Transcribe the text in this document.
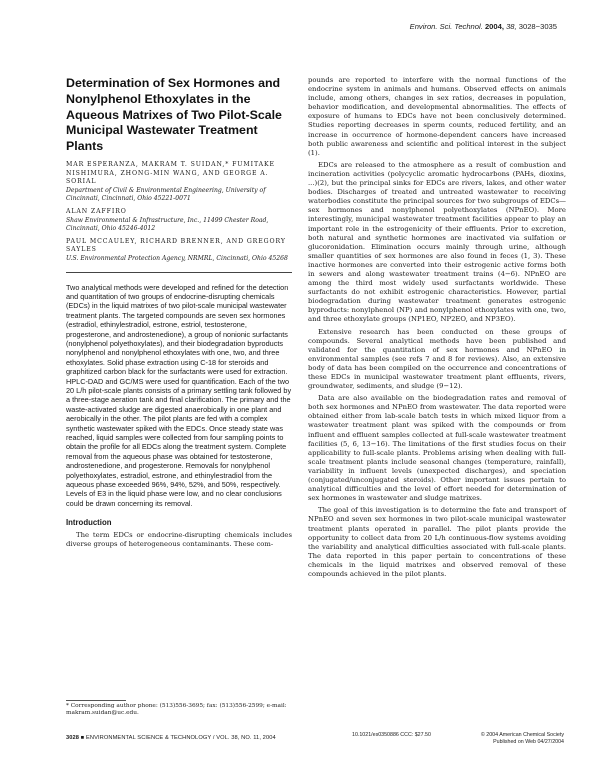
Environ. Sci. Technol. 2004, 38, 3028−3035
Determination of Sex Hormones and Nonylphenol Ethoxylates in the Aqueous Matrixes of Two Pilot-Scale Municipal Wastewater Treatment Plants

MAR ESPERANZA, MAKRAM T. SUIDAN,* FUMITAKE NISHIMURA, ZHONG-MIN WANG, AND GEORGE A. SORIAL

Department of Civil & Environmental Engineering, University of Cincinnati, Cincinnati, Ohio 45221-0071

ALAN ZAFFIRO

Shaw Environmental & Infrastructure, Inc., 11499 Chester Road, Cincinnati, Ohio 45246-4012

PAUL MCCAULEY, RICHARD BRENNER, AND GREGORY SAYLES

U.S. Environmental Protection Agency, NRMRL, Cincinnati, Ohio 45268

Two analytical methods were developed and refined for the detection and quantitation of two groups of endocrine-disrupting chemicals (EDCs) in the liquid matrixes of two pilot-scale municipal wastewater treatment plants. The targeted compounds are seven sex hormones (estradiol, ethinylestradiol, estrone, estriol, testosterone, progesterone, and androstenedione), a group of nonionic surfactants (nonylphenol polyethoxylates), and their biodegradation byproducts nonylphenol and nonylphenol ethoxylates with one, two, and three ethoxylates. Solid phase extraction using C-18 for steroids and graphitized carbon black for the surfactants were used for extraction. HPLC-DAD and GC/MS were used for quantification. Each of the two 20 L/h pilot-scale plants consists of a primary settling tank followed by a three-stage aeration tank and final clarification. The primary and the waste-activated sludge are digested anaerobically in one plant and aerobically in the other. The pilot plants are fed with a complex synthetic wastewater spiked with the EDCs. Once steady state was reached, liquid samples were collected from four sampling points to obtain the profile for all EDCs along the treatment system. Complete removal from the aqueous phase was obtained for testosterone, androstenedione, and progesterone. Removals for nonylphenol polyethoxylates, estradiol, estrone, and ethinylestradiol from the aqueous phase exceeded 96%, 94%, 52%, and 50%, respectively. Levels of E3 in the liquid phase were low, and no clear conclusions could be drawn concerning its removal.

Introduction

The term EDCs or endocrine-disrupting chemicals includes diverse groups of heterogeneous contaminants. These com-

pounds are reported to interfere with the normal functions of the endocrine system in animals and humans. Observed effects on animals include, among others, changes in sex ratios, decreases in population, behavior modification, and developmental abnormalities. The effects of exposure of humans to EDCs have not been conclusively determined. Studies reporting decreases in sperm counts, reduced fertility, and an increase in occurrence of hormone-dependent cancers have increased both public awareness and scientific and political interest in the subject (1).

EDCs are released to the atmosphere as a result of combustion and incineration activities (polycyclic aromatic hydrocarbons (PAHs, dioxins, ...)(2), but the principal sinks for EDCs are rivers, lakes, and other water bodies. Discharges of treated and untreated wastewater to receiving waterbodies constitute the principal sources for two subgroups of EDCs—sex hormones and nonylphenol polyethoxylates (NPnEO). More interestingly, municipal wastewater treatment facilities appear to play an important role in the estrogenicity of their effluents. Prior to excretion, both natural and synthetic hormones are inactivated via sulfation or glucoronidation. Elimination occurs mainly through urine, although smaller quantities of sex hormones are also found in feces (1, 3). These inactive hormones are converted into their estrogenic active forms both in sewers and along wastewater treatment trains (4−6). NPnEO are among the third most widely used surfactants worldwide. These surfactants do not exhibit estrogenic characteristics. However, partial biodegradation during wastewater treatment generates estrogenic byproducts: nonylphenol (NP) and nonylphenol ethoxylates with one, two, and three ethoxylate groups (NP1EO, NP2EO, and NP3EO).

Extensive research has been conducted on these groups of compounds. Several analytical methods have been published and validated for the quantitation of sex hormones and NPnEO in environmental samples (see refs 7 and 8 for reviews). Also, an extensive body of data has been compiled on the occurrence and concentrations of these EDCs in municipal wastewater treatment plant effluents, rivers, groundwater, sediments, and sludge (9−12).

Data are also available on the biodegradation rates and removal of both sex hormones and NPnEO from wastewater. The data reported were obtained either from lab-scale batch tests in which mixed liquor from a wastewater treatment plant was spiked with the compounds or from influent and effluent samples collected at full-scale wastewater treatment facilities (5, 6, 13−16). The limitations of the first studies focus on their applicability to full-scale plants. Problems arising when dealing with full-scale treatment plants include seasonal changes (temperature, rainfall), variability in influent levels (unexpected discharges), and speciation (conjugated/unconjugated steroids). Other important issues pertain to analytical difficulties and the level of effort needed for determination of sex hormones in wastewater and sludge matrixes.

The goal of this investigation is to determine the fate and transport of NPnEO and seven sex hormones in two pilot-scale municipal wastewater treatment plants operated in parallel. The pilot plants provide the opportunity to collect data from 20 L/h continuous-flow systems avoiding the variability and analytical difficulties associated with full-scale plants. The data reported in this paper pertain to concentrations of these chemicals in the liquid matrixes and observed removal of these compounds achieved in the pilot plants.

* Corresponding author phone: (513)556-3695; fax: (513)556-2599; e-mail: makram.suidan@uc.edu.
3028 ■ ENVIRONMENTAL SCIENCE & TECHNOLOGY / VOL. 38, NO. 11, 2004	10.1021/es0350886 CCC: $27.50	© 2004 American Chemical Society
Published on Web 04/27/2004
